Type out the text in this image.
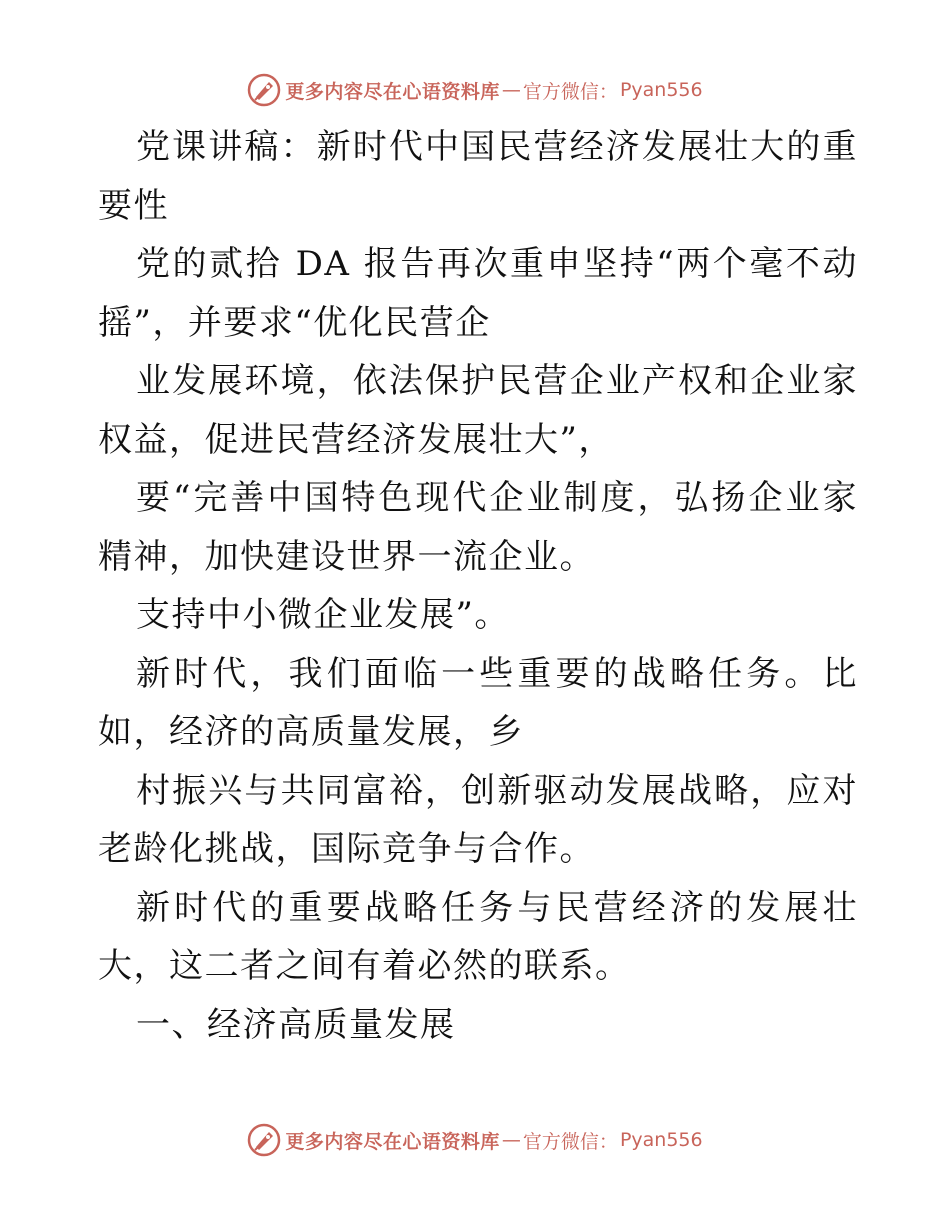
更多内容尽在心语资料库 — 官方微信： Pyan556

党课讲稿：新时代中国民营经济发展壮大的重要性

党的贰拾 DA 报告再次重申坚持“两个毫不动摇”，并要求“优化民营企

业发展环境，依法保护民营企业产权和企业家权益，促进民营经济发展壮大”，

要“完善中国特色现代企业制度，弘扬企业家精神，加快建设世界一流企业。

支持中小微企业发展”。

新时代，我们面临一些重要的战略任务。比如，经济的高质量发展，乡

村振兴与共同富裕，创新驱动发展战略，应对老龄化挑战，国际竞争与合作。

新时代的重要战略任务与民营经济的发展壮大，这二者之间有着必然的联系。

一、经济高质量发展

更多内容尽在心语资料库 — 官方微信： Pyan556
